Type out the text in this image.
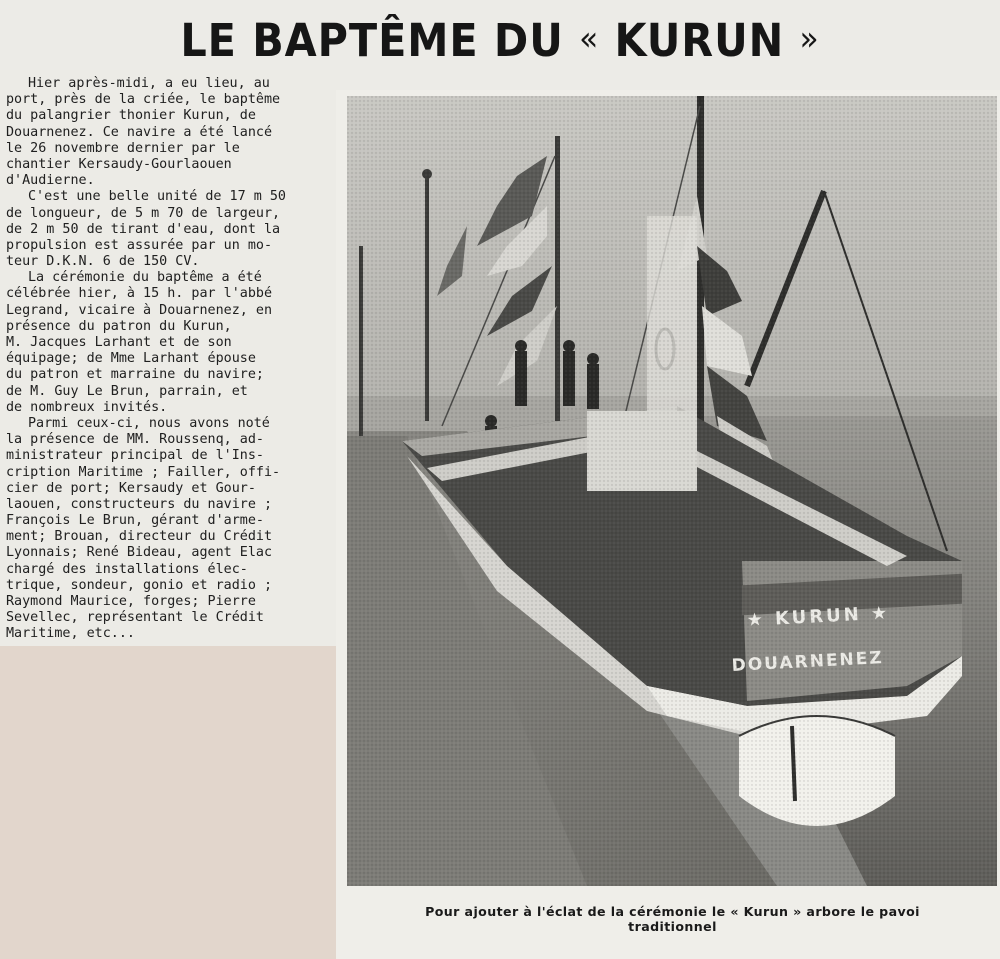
LE BAPTÊME DU « KURUN »
Hier après-midi, a eu lieu, au
port, près de la criée, le baptême
du palangrier thonier Kurun, de
Douarnenez. Ce navire a été lancé
le 26 novembre dernier par le
chantier Kersaudy-Gourlaouen
d'Audierne.
C'est une belle unité de 17 m 50
de longueur, de 5 m 70 de largeur,
de 2 m 50 de tirant d'eau, dont la
propulsion est assurée par un mo-
teur D.K.N. 6 de 150 CV.
La cérémonie du baptême a été
célébrée hier, à 15 h. par l'abbé
Legrand, vicaire à Douarnenez, en
présence du patron du Kurun,
M. Jacques Larhant et de son
équipage; de Mme Larhant épouse
du patron et marraine du navire;
de M. Guy Le Brun, parrain, et
de nombreux invités.
Parmi ceux-ci, nous avons noté
la présence de MM. Roussenq, ad-
ministrateur principal de l'Ins-
cription Maritime ; Failler, offi-
cier de port; Kersaudy et Gour-
laouen, constructeurs du navire ;
François Le Brun, gérant d'arme-
ment; Brouan, directeur du Crédit
Lyonnais; René Bideau, agent Elac
chargé des installations élec-
trique, sondeur, gonio et radio ;
Raymond Maurice, forges; Pierre
Sevellec, représentant le Crédit
Maritime, etc...
Pour ajouter à l'éclat de la cérémonie le « Kurun » arbore le pavoi
traditionnel
